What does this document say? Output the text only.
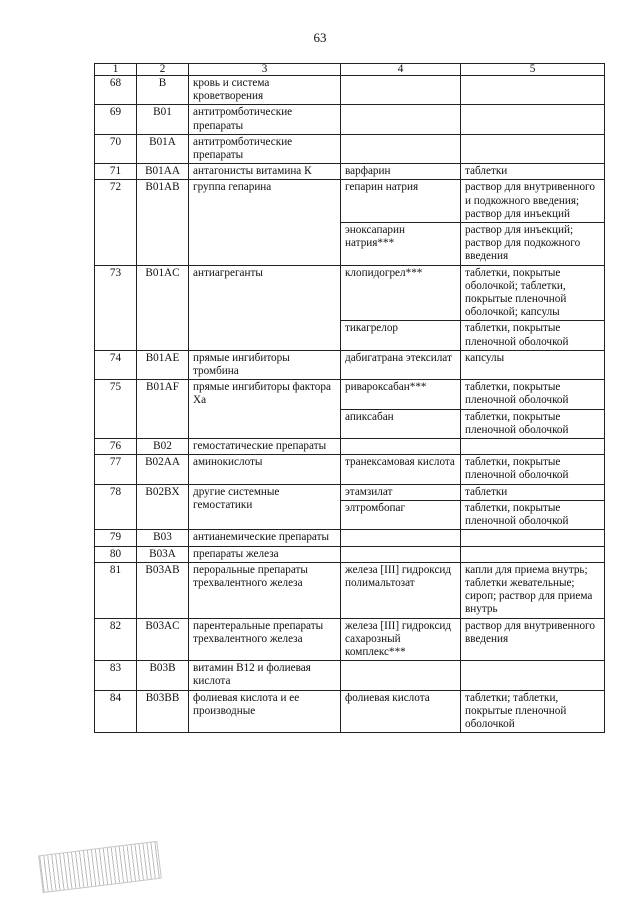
63
1	2	3	4	5
68	B	кровь и система кроветворения		
69	B01	антитромботические препараты		
70	B01A	антитромботические препараты		
71	B01AA	антагонисты витамина К	варфарин	таблетки
72	B01AB	группа гепарина	гепарин натрия	раствор для внутривенного и подкожного введения; раствор для инъекций
			эноксапарин натрия***	раствор для инъекций; раствор для подкожного введения
73	B01AC	антиагреганты	клопидогрел***	таблетки, покрытые оболочкой; таблетки, покрытые пленочной оболочкой; капсулы
			тикагрелор	таблетки, покрытые пленочной оболочкой
74	B01AE	прямые ингибиторы тромбина	дабигатрана этексилат	капсулы
75	B01AF	прямые ингибиторы фактора Ха	ривароксабан***	таблетки, покрытые пленочной оболочкой
			апиксабан	таблетки, покрытые пленочной оболочкой
76	B02	гемостатические препараты		
77	B02AA	аминокислоты	транексамовая кислота	таблетки, покрытые пленочной оболочкой
78	B02BX	другие системные гемостатики	этамзилат	таблетки
			элтромбопаг	таблетки, покрытые пленочной оболочкой
79	B03	антианемические препараты		
80	B03A	препараты железа		
81	B03AB	пероральные препараты трехвалентного железа	железа [III] гидроксид полимальтозат	капли для приема внутрь; таблетки жевательные; сироп; раствор для приема внутрь
82	B03AC	парентеральные препараты трехвалентного железа	железа [III] гидроксид сахарозный комплекс***	раствор для внутривенного введения
83	B03B	витамин B12 и фолиевая кислота		
84	B03BB	фолиевая кислота и ее производные	фолиевая кислота	таблетки; таблетки, покрытые пленочной оболочкой
